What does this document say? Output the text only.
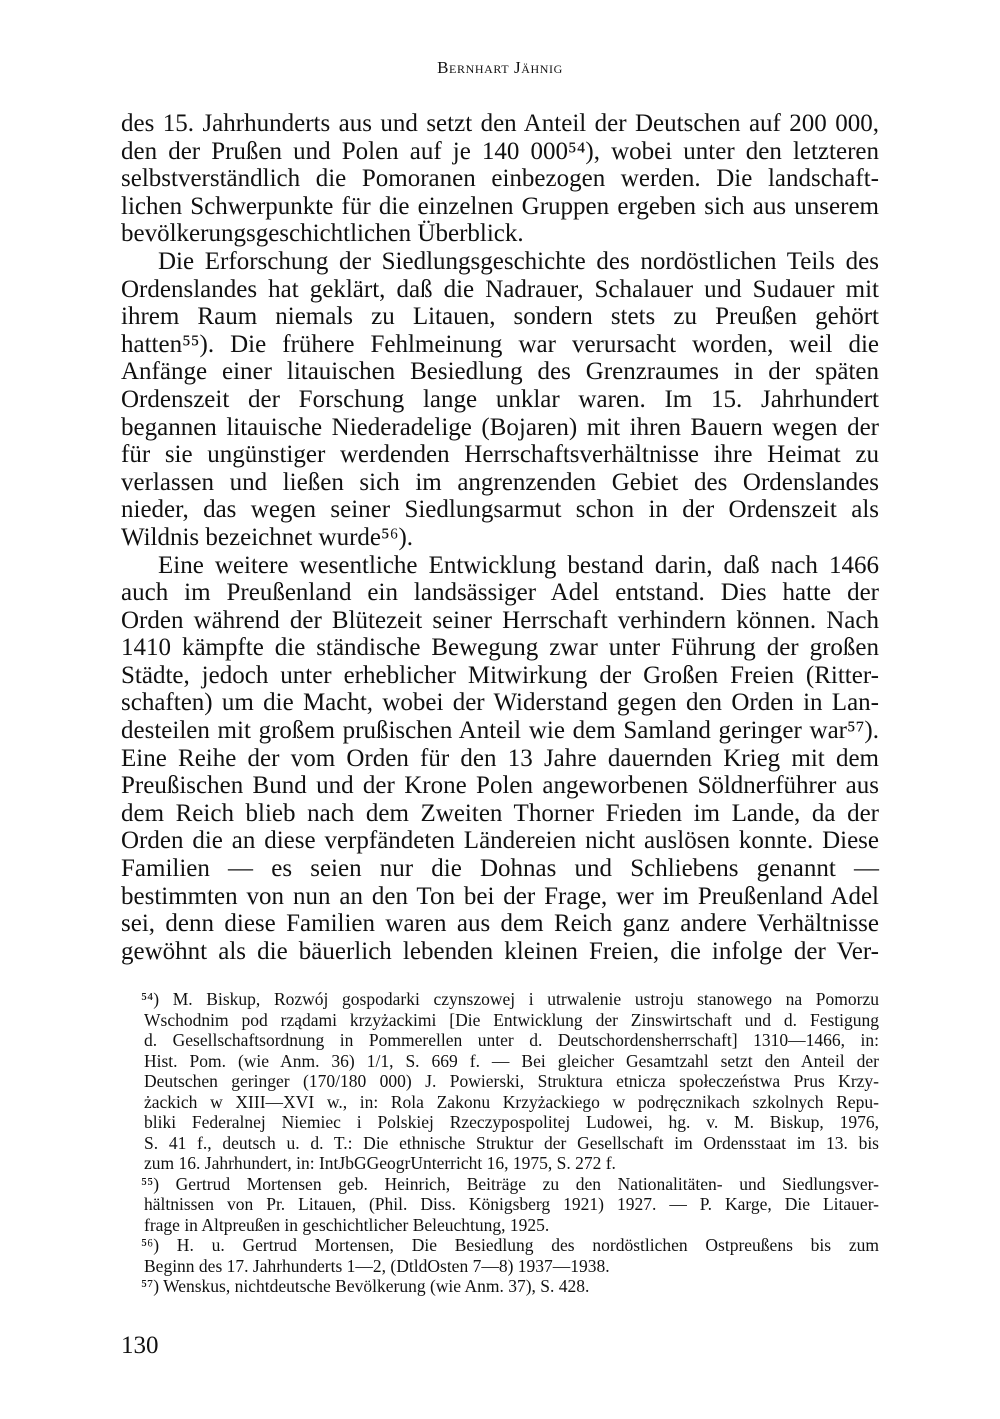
Bernhart Jähnig
des 15. Jahrhunderts aus und setzt den Anteil der Deutschen auf 200 000,
den der Prußen und Polen auf je 140 000⁵⁴), wobei unter den letzteren
selbstverständlich die Pomoranen einbezogen werden. Die landschaft-
lichen Schwerpunkte für die einzelnen Gruppen ergeben sich aus unserem
bevölkerungsgeschichtlichen Überblick.
Die Erforschung der Siedlungsgeschichte des nordöstlichen Teils des
Ordenslandes hat geklärt, daß die Nadrauer, Schalauer und Sudauer mit
ihrem Raum niemals zu Litauen, sondern stets zu Preußen gehört
hatten⁵⁵). Die frühere Fehlmeinung war verursacht worden, weil die
Anfänge einer litauischen Besiedlung des Grenzraumes in der späten
Ordenszeit der Forschung lange unklar waren. Im 15. Jahrhundert
begannen litauische Niederadelige (Bojaren) mit ihren Bauern wegen der
für sie ungünstiger werdenden Herrschaftsverhältnisse ihre Heimat zu
verlassen und ließen sich im angrenzenden Gebiet des Ordenslandes
nieder, das wegen seiner Siedlungsarmut schon in der Ordenszeit als
Wildnis bezeichnet wurde⁵⁶).
Eine weitere wesentliche Entwicklung bestand darin, daß nach 1466
auch im Preußenland ein landsässiger Adel entstand. Dies hatte der
Orden während der Blütezeit seiner Herrschaft verhindern können. Nach
1410 kämpfte die ständische Bewegung zwar unter Führung der großen
Städte, jedoch unter erheblicher Mitwirkung der Großen Freien (Ritter-
schaften) um die Macht, wobei der Widerstand gegen den Orden in Lan-
desteilen mit großem prußischen Anteil wie dem Samland geringer war⁵⁷).
Eine Reihe der vom Orden für den 13 Jahre dauernden Krieg mit dem
Preußischen Bund und der Krone Polen angeworbenen Söldnerführer aus
dem Reich blieb nach dem Zweiten Thorner Frieden im Lande, da der
Orden die an diese verpfändeten Ländereien nicht auslösen konnte. Diese
Familien — es seien nur die Dohnas und Schliebens genannt —
bestimmten von nun an den Ton bei der Frage, wer im Preußenland Adel
sei, denn diese Familien waren aus dem Reich ganz andere Verhältnisse
gewöhnt als die bäuerlich lebenden kleinen Freien, die infolge der Ver-
⁵⁴) M. Biskup, Rozwój gospodarki czynszowej i utrwalenie ustroju stanowego na Pomorzu
Wschodnim pod rządami krzyżackimi [Die Entwicklung der Zinswirtschaft und d. Festigung
d. Gesellschaftsordnung in Pommerellen unter d. Deutschordensherrschaft] 1310—1466, in:
Hist. Pom. (wie Anm. 36) 1/1, S. 669 f. — Bei gleicher Gesamtzahl setzt den Anteil der
Deutschen geringer (170/180 000) J. Powierski, Struktura etnicza społeczeństwa Prus Krzy-
żackich w XIII—XVI w., in: Rola Zakonu Krzyżackiego w podręcznikach szkolnych Repu-
bliki Federalnej Niemiec i Polskiej Rzeczypospolitej Ludowei, hg. v. M. Biskup, 1976,
S. 41 f., deutsch u. d. T.: Die ethnische Struktur der Gesellschaft im Ordensstaat im 13. bis
zum 16. Jahrhundert, in: IntJbGGeogrUnterricht 16, 1975, S. 272 f.
⁵⁵) Gertrud Mortensen geb. Heinrich, Beiträge zu den Nationalitäten- und Siedlungsver-
hältnissen von Pr. Litauen, (Phil. Diss. Königsberg 1921) 1927. — P. Karge, Die Litauer-
frage in Altpreußen in geschichtlicher Beleuchtung, 1925.
⁵⁶) H. u. Gertrud Mortensen, Die Besiedlung des nordöstlichen Ostpreußens bis zum
Beginn des 17. Jahrhunderts 1—2, (DtldOsten 7—8) 1937—1938.
⁵⁷) Wenskus, nichtdeutsche Bevölkerung (wie Anm. 37), S. 428.
130
